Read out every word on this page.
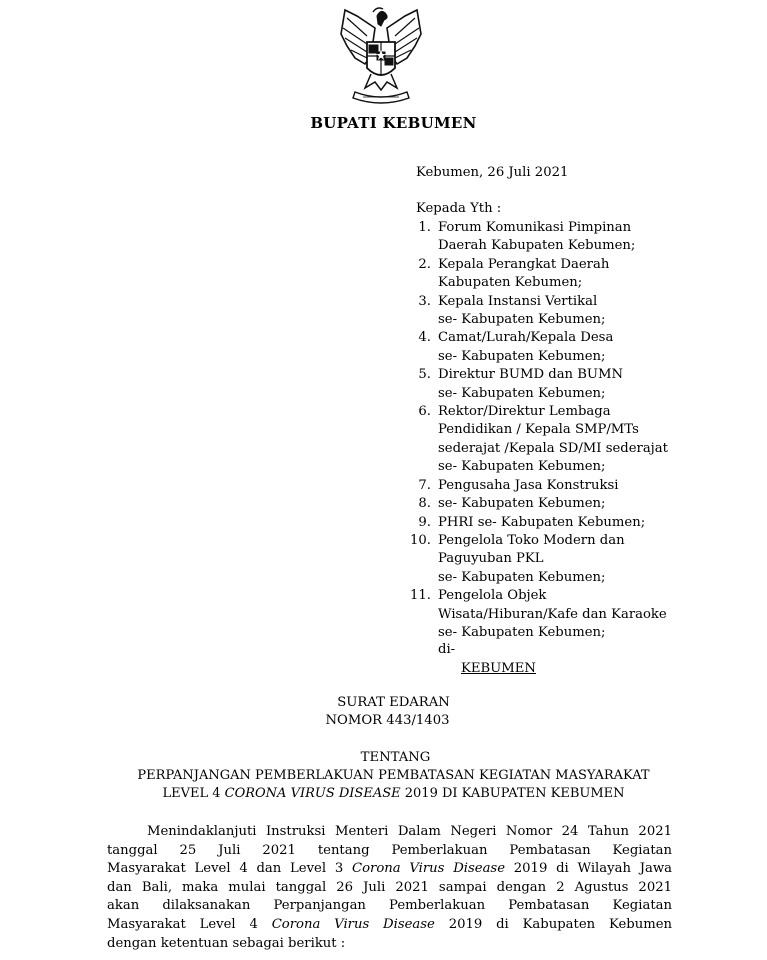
BUPATI KEBUMEN
Kebumen, 26 Juli 2021
Kepada Yth :
1. Forum Komunikasi Pimpinan
Daerah Kabupaten Kebumen;
2. Kepala Perangkat Daerah
Kabupaten Kebumen;
3. Kepala Instansi Vertikal
se- Kabupaten Kebumen;
4. Camat/Lurah/Kepala Desa
se- Kabupaten Kebumen;
5. Direktur BUMD dan BUMN
se- Kabupaten Kebumen;
6. Rektor/Direktur Lembaga
Pendidikan / Kepala SMP/MTs
sederajat /Kepala SD/MI sederajat
se- Kabupaten Kebumen;
7. Pengusaha Jasa Konstruksi
8. se- Kabupaten Kebumen;
9. PHRI se- Kabupaten Kebumen;
10. Pengelola Toko Modern dan
Paguyuban PKL
se- Kabupaten Kebumen;
11. Pengelola Objek
Wisata/Hiburan/Kafe dan Karaoke
se- Kabupaten Kebumen;
di-
KEBUMEN
SURAT EDARAN
NOMOR 443/1403
TENTANG
PERPANJANGAN PEMBERLAKUAN PEMBATASAN KEGIATAN MASYARAKAT
LEVEL 4 CORONA VIRUS DISEASE 2019 DI KABUPATEN KEBUMEN
Menindaklanjuti Instruksi Menteri Dalam Negeri Nomor 24 Tahun 2021
tanggal 25 Juli 2021 tentang Pemberlakuan Pembatasan Kegiatan
Masyarakat Level 4 dan Level 3 Corona Virus Disease 2019 di Wilayah Jawa
dan Bali, maka mulai tanggal 26 Juli 2021 sampai dengan 2 Agustus 2021
akan dilaksanakan Perpanjangan Pemberlakuan Pembatasan Kegiatan
Masyarakat Level 4 Corona Virus Disease 2019 di Kabupaten Kebumen
dengan ketentuan sebagai berikut :
